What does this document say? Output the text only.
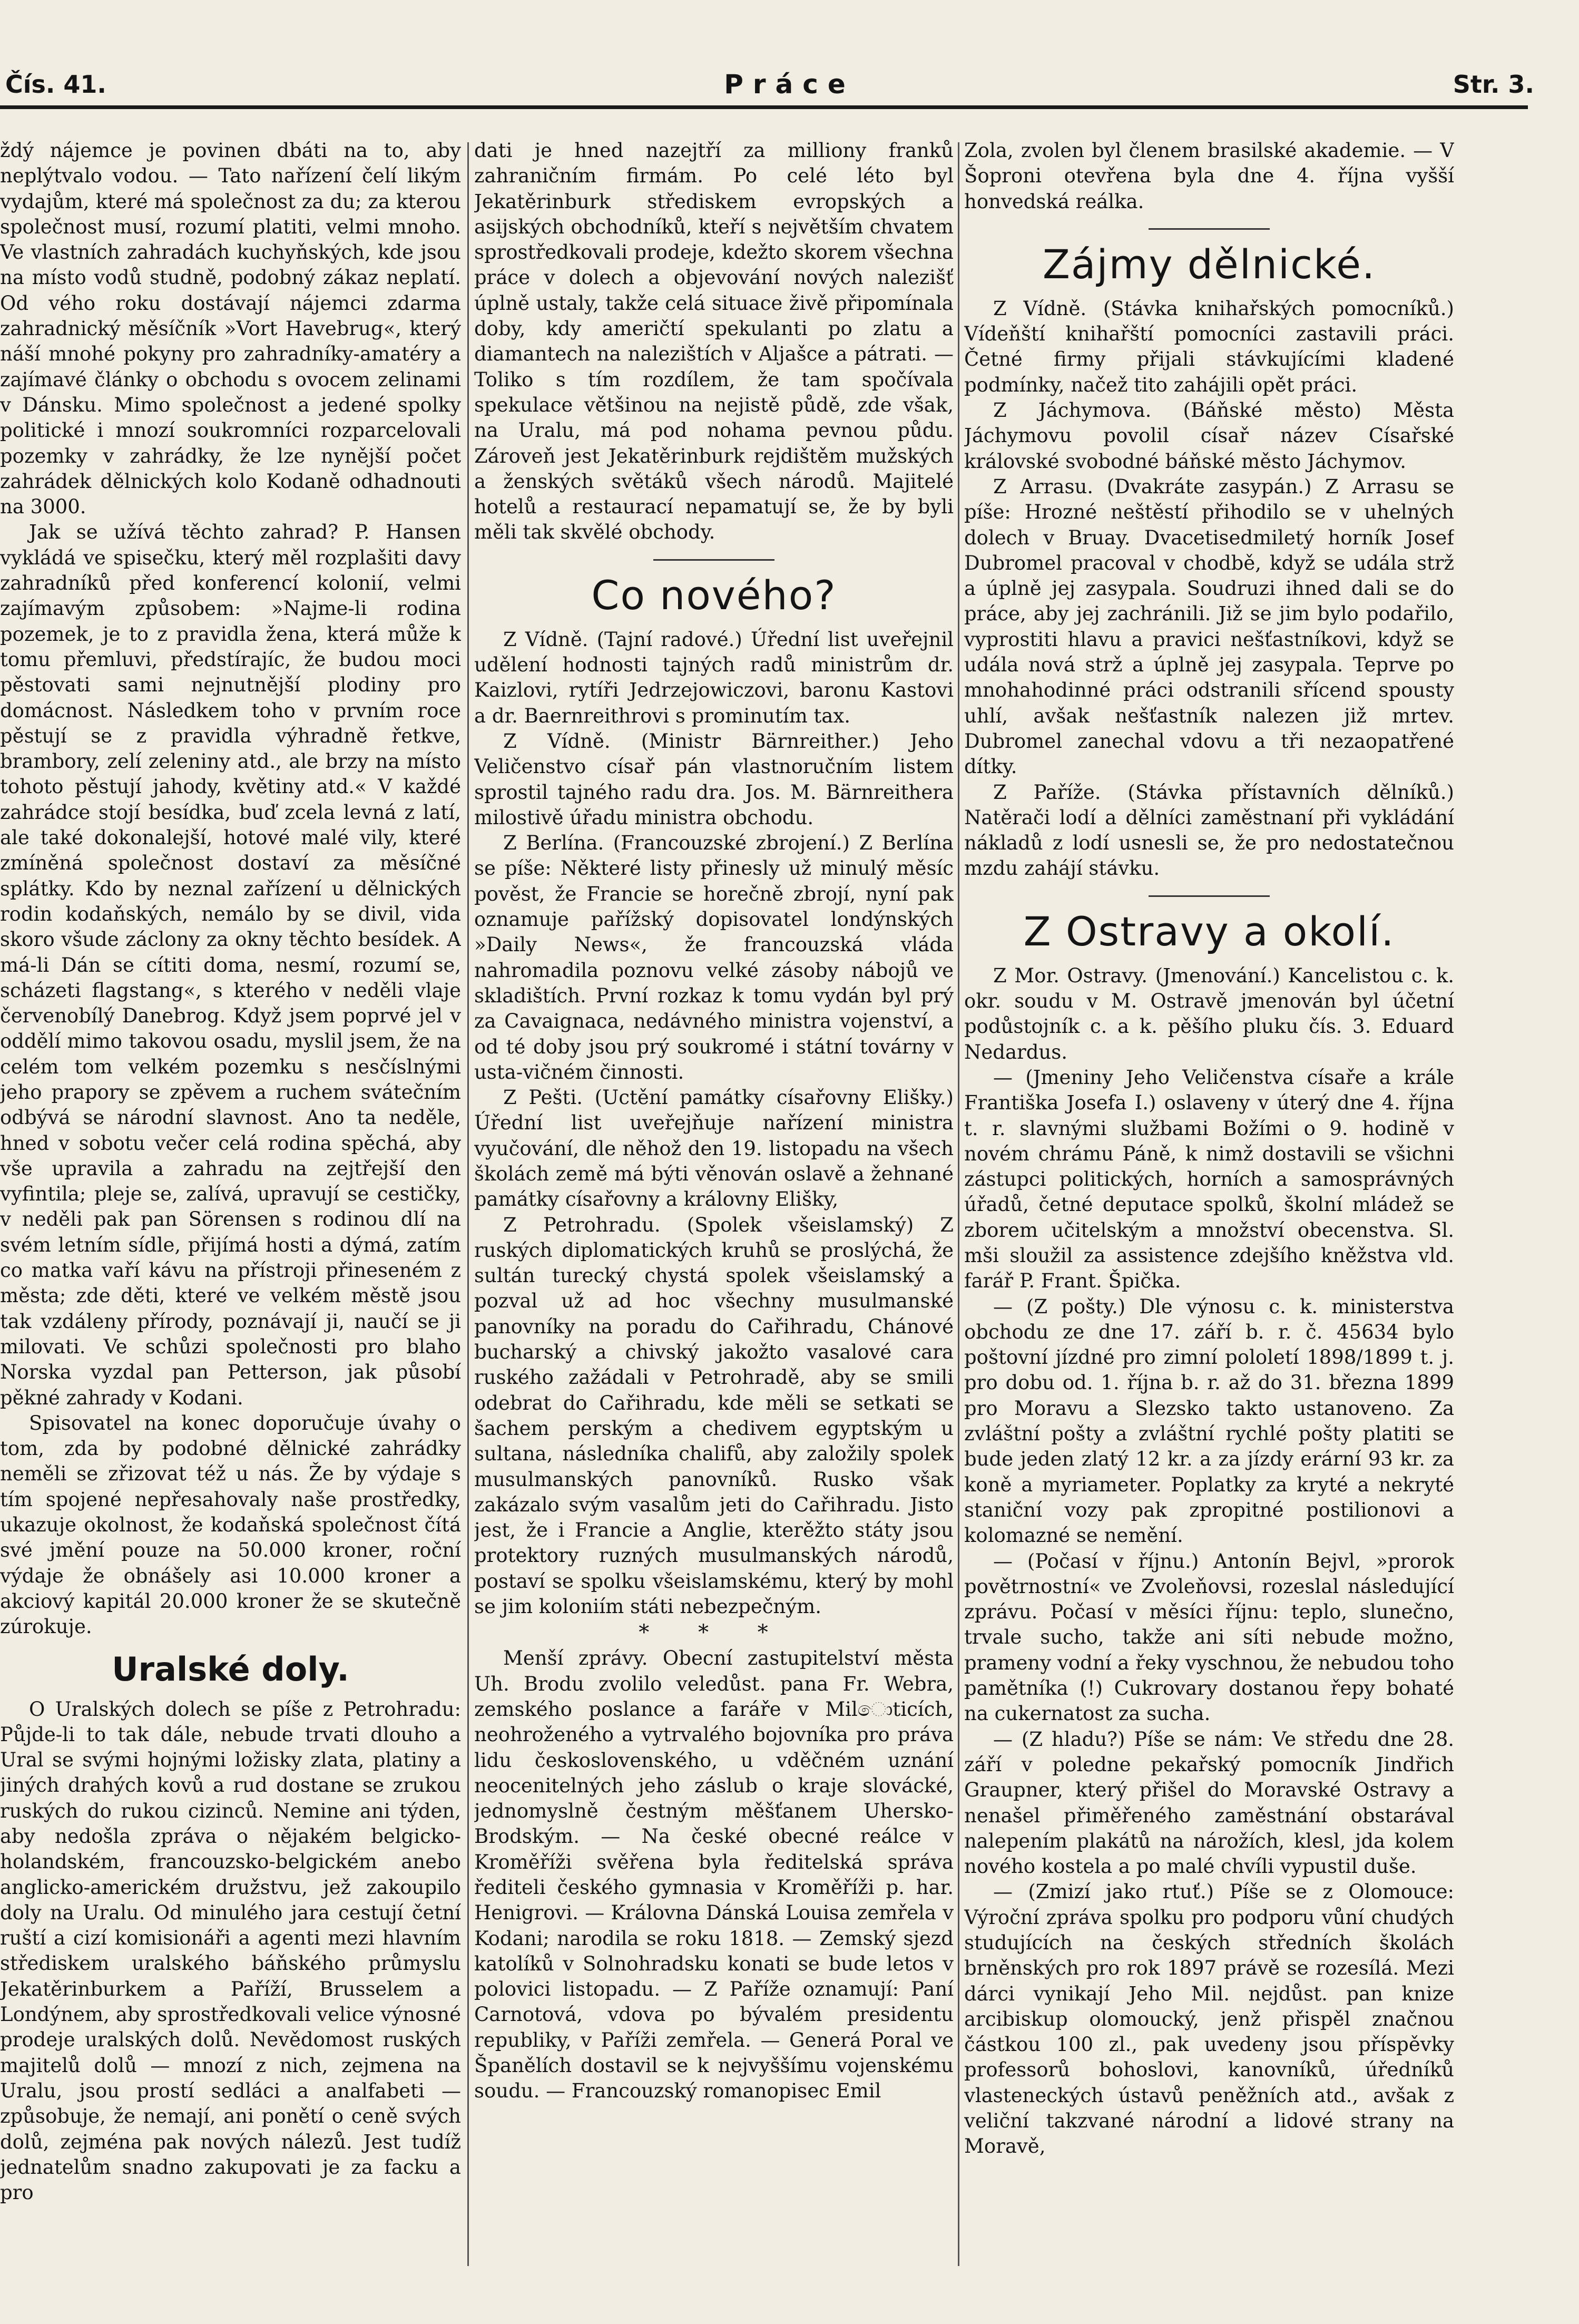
Čís. 41.	Práce	Str. 3.

ždý nájemce je povinen dbáti na to, aby neplýtvalo vodou. — Tato nařízení čelí likým vydajům, které má společnost za du; za kterou společnost musí, rozumí platiti, velmi mnoho. Ve vlastních zahradách kuchyňských, kde jsou na místo vodů studně, podobný zákaz neplatí. Od vého roku dostávají nájemci zdarma zahradnický měsíčník »Vort Havebrug«, který náší mnohé pokyny pro zahradníky-amatéry a zajímavé články o obchodu s ovocem zelinami v Dánsku. Mimo společnost a jedené spolky politické i mnozí soukromníci rozparcelovali pozemky v zahrádky, že lze nynější počet zahrádek dělnických kolo Kodaně odhadnouti na 3000.

Jak se užívá těchto zahrad? P. Hansen vykládá ve spisečku, který měl rozplašiti davy zahradníků před konferencí kolonií, velmi zajímavým způsobem: »Najme-li rodina pozemek, je to z pravidla žena, která může k tomu přemluvi, předstírajíc, že budou moci pěstovati sami nejnutnější plodiny pro domácnost. Následkem toho v prvním roce pěstují se z pravidla výhradně řetkve, brambory, zelí zeleniny atd., ale brzy na místo tohoto pěstují jahody, květiny atd.« V každé zahrádce stojí besídka, buď zcela levná z latí, ale také dokonalejší, hotové malé vily, které zmíněná společnost dostaví za měsíčné splátky. Kdo by neznal zařízení u dělnických rodin kodaňských, nemálo by se divil, vida skoro všude záclony za okny těchto besídek. A má-li Dán se cítiti doma, nesmí, rozumí se, scházeti flagstang«, s kterého v neděli vlaje červenobílý Danebrog. Když jsem poprvé jel v oddělí mimo takovou osadu, myslil jsem, že na celém tom velkém pozemku s nesčíslnými jeho prapory se zpěvem a ruchem svátečním odbývá se národní slavnost. Ano ta neděle, hned v sobotu večer celá rodina spěchá, aby vše upravila a zahradu na zejtřejší den vyfintila; pleje se, zalívá, upravují se cestičky, v neděli pak pan Sörensen s rodinou dlí na svém letním sídle, přijímá hosti a dýmá, zatím co matka vaří kávu na přístroji přineseném z města; zde děti, které ve velkém městě jsou tak vzdáleny přírody, poznávají ji, naučí se ji milovati. Ve schůzi společnosti pro blaho Norska vyzdal pan Petterson, jak působí pěkné zahrady v Kodani.

Spisovatel na konec doporučuje úvahy o tom, zda by podobné dělnické zahrádky neměli se zřizovat též u nás. Že by výdaje s tím spojené nepřesahovaly naše prostředky, ukazuje okolnost, že kodaňská společnost čítá své jmění pouze na 50.000 kroner, roční výdaje že obnášely asi 10.000 kroner a akciový kapitál 20.000 kroner že se skutečně zúrokuje.

Uralské doly.

O Uralských dolech se píše z Petrohradu: Půjde-li to tak dále, nebude trvati dlouho a Ural se svými hojnými ložisky zlata, platiny a jiných drahých kovů a rud dostane se zrukou ruských do rukou cizinců. Nemine ani týden, aby nedošla zpráva o nějakém belgicko-holandském, francouzsko-belgickém anebo anglicko-americkém družstvu, jež zakoupilo doly na Uralu. Od minulého jara cestují četní ruští a cizí komisionáři a agenti mezi hlavním střediskem uralského báňského průmyslu Jekatěrinburkem a Paříží, Brusselem a Londýnem, aby sprostředkovali velice výnosné prodeje uralských dolů. Nevědomost ruských majitelů dolů — mnozí z nich, zejmena na Uralu, jsou prostí sedláci a analfabeti — způsobuje, že nemají, ani ponětí o ceně svých dolů, zejména pak nových nálezů. Jest tudíž jednatelům snadno zakupovati je za facku a pro

dati je hned nazejtří za milliony franků zahraničním firmám. Po celé léto byl Jekatěrinburk střediskem evropských a asijských obchodníků, kteří s největším chvatem sprostředkovali prodeje, kdežto skorem všechna práce v dolech a objevování nových nalezišť úplně ustaly, takže celá situace živě připomínala doby, kdy američtí spekulanti po zlatu a diamantech na nalezištích v Aljašce a pátrati. — Toliko s tím rozdílem, že tam spočívala spekulace většinou na nejistě půdě, zde však, na Uralu, má pod nohama pevnou půdu. Zároveň jest Jekatěrinburk rejdištěm mužských a ženských světáků všech národů. Majitelé hotelů a restaurací nepamatují se, že by byli měli tak skvělé obchody.

Co nového?

Z Vídně. (Tajní radové.) Úřední list uveřejnil udělení hodnosti tajných radů ministrům dr. Kaizlovi, rytíři Jedrzejowiczovi, baronu Kastovi a dr. Baernreithrovi s prominutím tax.

Z Vídně. (Ministr Bärnreither.) Jeho Veličenstvo císař pán vlastnoručním listem sprostil tajného radu dra. Jos. M. Bärnreithera milostivě úřadu ministra obchodu.

Z Berlína. (Francouzské zbrojení.) Z Berlína se píše: Některé listy přinesly už minulý měsíc pověst, že Francie se horečně zbrojí, nyní pak oznamuje pařížský dopisovatel londýnských »Daily News«, že francouzská vláda nahromadila poznovu velké zásoby nábojů ve skladištích. První rozkaz k tomu vydán byl prý za Cavaignaca, nedávného ministra vojenství, a od té doby jsou prý soukromé i státní továrny v usta-vičném činnosti.

Z Pešti. (Uctění památky císařovny Elišky.) Úřední list uveřejňuje nařízení ministra vyučování, dle něhož den 19. listopadu na všech školách země má býti věnován oslavě a žehnané památky císařovny a královny Elišky,

Z Petrohradu. (Spolek všeislamský) Z ruských diplomatických kruhů se proslýchá, že sultán turecký chystá spolek všeislamský a pozval už ad hoc všechny musulmanské panovníky na poradu do Cařihradu, Chánové bucharský a chivský jakožto vasalové cara ruského zažádali v Petrohradě, aby se smili odebrat do Cařihradu, kde měli se setkati se šachem perským a chedivem egyptským u sultana, následníka chalifů, aby založily spolek musulmanských panovníků. Rusko však zakázalo svým vasalům jeti do Cařihradu. Jisto jest, že i Francie a Anglie, kterěžto státy jsou protektory ruzných musulmanských národů, postaví se spolku všeislamskému, který by mohl se jim koloniím státi nebezpečným.

* * *

Menší zprávy. Obecní zastupitelství města Uh. Brodu zvolilo veledůst. pana Fr. Webra, zemského poslance a faráře v Milොticích, neohroženého a vytrvalého bojovníka pro práva lidu československého, u vděčném uznání neocenitelných jeho záslub o kraje slovácké, jednomyslně čestným měšťanem Uhersko-Brodským. — Na české obecné reálce v Kroměříži svěřena byla ředitelská správa řediteli českého gymnasia v Kroměříži p. har. Henigrovi. — Královna Dánská Louisa zemřela v Kodani; narodila se roku 1818. — Zemský sjezd katolíků v Solnohradsku konati se bude letos v polovici listopadu. — Z Paříže oznamují: Paní Carnotová, vdova po bývalém presidentu republiky, v Paříži zemřela. — Generá Poral ve Španělích dostavil se k nejvyššímu vojenskému soudu. — Francouzský romanopisec Emil

Zola, zvolen byl členem brasilské akademie. — V Šoproni otevřena byla dne 4. října vyšší honvedská reálka.

Zájmy dělnické.

Z Vídně. (Stávka knihařských pomocníků.) Vídeňští knihařští pomocníci zastavili práci. Četné firmy přijali stávkujícími kladené podmínky, načež tito zahájili opět práci.

Z Jáchymova. (Báňské město) Města Jáchymovu povolil císař název Císařské královské svobodné báňské město Jáchymov.

Z Arrasu. (Dvakráte zasypán.) Z Arrasu se píše: Hrozné neštěstí přihodilo se v uhelných dolech v Bruay. Dvacetisedmiletý horník Josef Dubromel pracoval v chodbě, když se udála strž a úplně jej zasypala. Soudruzi ihned dali se do práce, aby jej zachránili. Již se jim bylo podařilo, vyprostiti hlavu a pravici nešťastníkovi, když se udála nová strž a úplně jej zasypala. Teprve po mnohahodinné práci odstranili sřícend spousty uhlí, avšak nešťastník nalezen již mrtev. Dubromel zanechal vdovu a tři nezaopatřené dítky.

Z Paříže. (Stávka přístavních dělníků.) Natěrači lodí a dělníci zaměstnaní při vykládání nákladů z lodí usnesli se, že pro nedostatečnou mzdu zahájí stávku.

Z Ostravy a okolí.

Z Mor. Ostravy. (Jmenování.) Kancelistou c. k. okr. soudu v M. Ostravě jmenován byl účetní podůstojník c. a k. pěšího pluku čís. 3. Eduard Nedardus.

— (Jmeniny Jeho Veličenstva císaře a krále Františka Josefa I.) oslaveny v úterý dne 4. října t. r. slavnými službami Božími o 9. hodině v novém chrámu Páně, k nimž dostavili se všichni zástupci politických, horních a samosprávných úřadů, četné deputace spolků, školní mládež se zborem učitelským a množství obecenstva. Sl. mši sloužil za assistence zdejšího kněžstva vld. farář P. Frant. Špička.

— (Z pošty.) Dle výnosu c. k. ministerstva obchodu ze dne 17. září b. r. č. 45634 bylo poštovní jízdné pro zimní pololetí 1898/1899 t. j. pro dobu od. 1. října b. r. až do 31. března 1899 pro Moravu a Slezsko takto ustanoveno. Za zvláštní pošty a zvláštní rychlé pošty platiti se bude jeden zlatý 12 kr. a za jízdy erární 93 kr. za koně a myriameter. Poplatky za kryté a nekryté staniční vozy pak zpropitné postilionovi a kolomazné se nemění.

— (Počasí v říjnu.) Antonín Bejvl, »prorok povětrnostní« ve Zvoleňovsi, rozeslal následující zprávu. Počasí v měsíci říjnu: teplo, slunečno, trvale sucho, takže ani síti nebude možno, prameny vodní a řeky vyschnou, že nebudou toho pamětníka (!) Cukrovary dostanou řepy bohaté na cukernatost za sucha.

— (Z hladu?) Píše se nám: Ve středu dne 28. září v poledne pekařský pomocník Jindřich Graupner, který přišel do Moravské Ostravy a nenašel přiměřeného zaměstnání obstarával nalepením plakátů na nárožích, klesl, jda kolem nového kostela a po malé chvíli vypustil duše.

— (Zmizí jako rtuť.) Píše se z Olomouce: Výroční zpráva spolku pro podporu vůní chudých studujících na českých středních školách brněnských pro rok 1897 právě se rozesílá. Mezi dárci vynikají Jeho Mil. nejdůst. pan knize arcibiskup olomoucký, jenž přispěl značnou částkou 100 zl., pak uvedeny jsou příspěvky professorů bohoslovi, kanovníků, úředníků vlasteneckých ústavů peněžních atd., avšak z veliční takzvané národní a lidové strany na Moravě,
